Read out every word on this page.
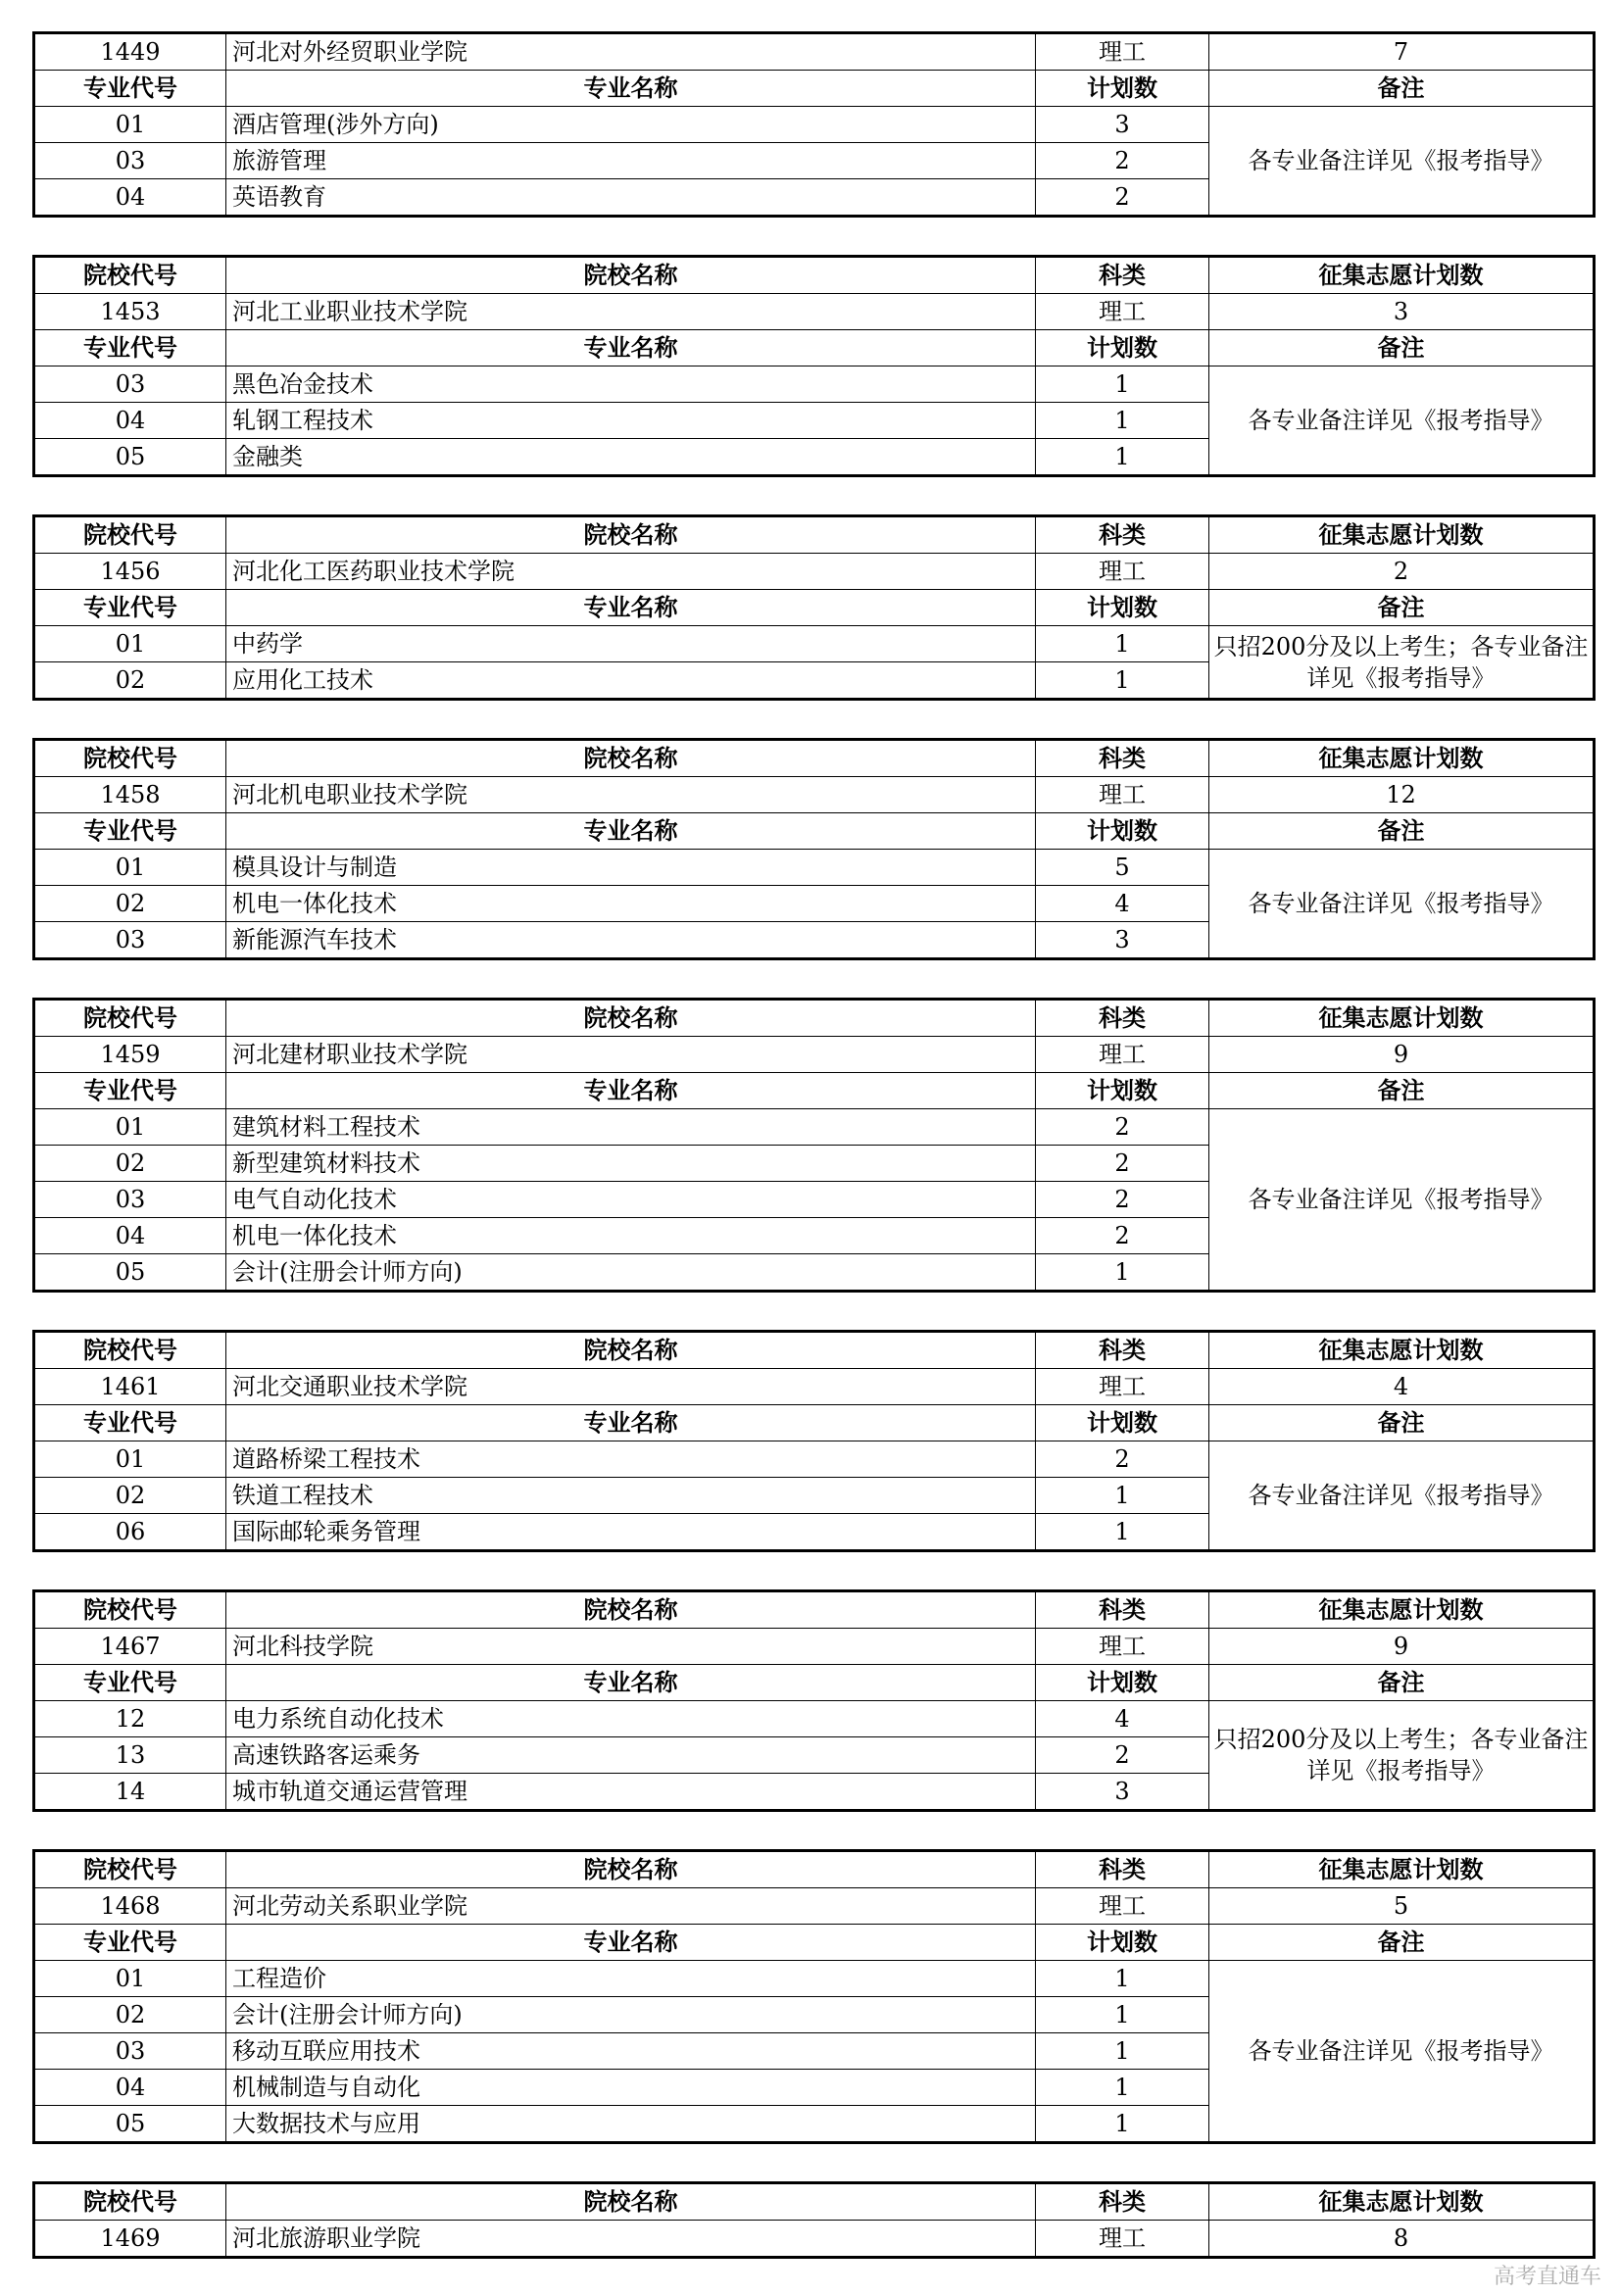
1449	河北对外经贸职业学院	理工	7
专业代号	专业名称	计划数	备注
01	酒店管理(涉外方向)	3	各专业备注详见《报考指导》
03	旅游管理	2	
04	英语教育	2	
院校代号	院校名称	科类	征集志愿计划数
1453	河北工业职业技术学院	理工	3
专业代号	专业名称	计划数	备注
03	黑色冶金技术	1	各专业备注详见《报考指导》
04	轧钢工程技术	1	
05	金融类	1	
院校代号	院校名称	科类	征集志愿计划数
1456	河北化工医药职业技术学院	理工	2
专业代号	专业名称	计划数	备注
01	中药学	1	只招200分及以上考生；各专业备注详见《报考指导》
02	应用化工技术	1	
院校代号	院校名称	科类	征集志愿计划数
1458	河北机电职业技术学院	理工	12
专业代号	专业名称	计划数	备注
01	模具设计与制造	5	各专业备注详见《报考指导》
02	机电一体化技术	4	
03	新能源汽车技术	3	
院校代号	院校名称	科类	征集志愿计划数
1459	河北建材职业技术学院	理工	9
专业代号	专业名称	计划数	备注
01	建筑材料工程技术	2	各专业备注详见《报考指导》
02	新型建筑材料技术	2	
03	电气自动化技术	2	
04	机电一体化技术	2	
05	会计(注册会计师方向)	1	
院校代号	院校名称	科类	征集志愿计划数
1461	河北交通职业技术学院	理工	4
专业代号	专业名称	计划数	备注
01	道路桥梁工程技术	2	各专业备注详见《报考指导》
02	铁道工程技术	1	
06	国际邮轮乘务管理	1	
院校代号	院校名称	科类	征集志愿计划数
1467	河北科技学院	理工	9
专业代号	专业名称	计划数	备注
12	电力系统自动化技术	4	只招200分及以上考生；各专业备注详见《报考指导》
13	高速铁路客运乘务	2	
14	城市轨道交通运营管理	3	
院校代号	院校名称	科类	征集志愿计划数
1468	河北劳动关系职业学院	理工	5
专业代号	专业名称	计划数	备注
01	工程造价	1	各专业备注详见《报考指导》
02	会计(注册会计师方向)	1	
03	移动互联应用技术	1	
04	机械制造与自动化	1	
05	大数据技术与应用	1	
院校代号	院校名称	科类	征集志愿计划数
1469	河北旅游职业学院	理工	8
高考直通车
